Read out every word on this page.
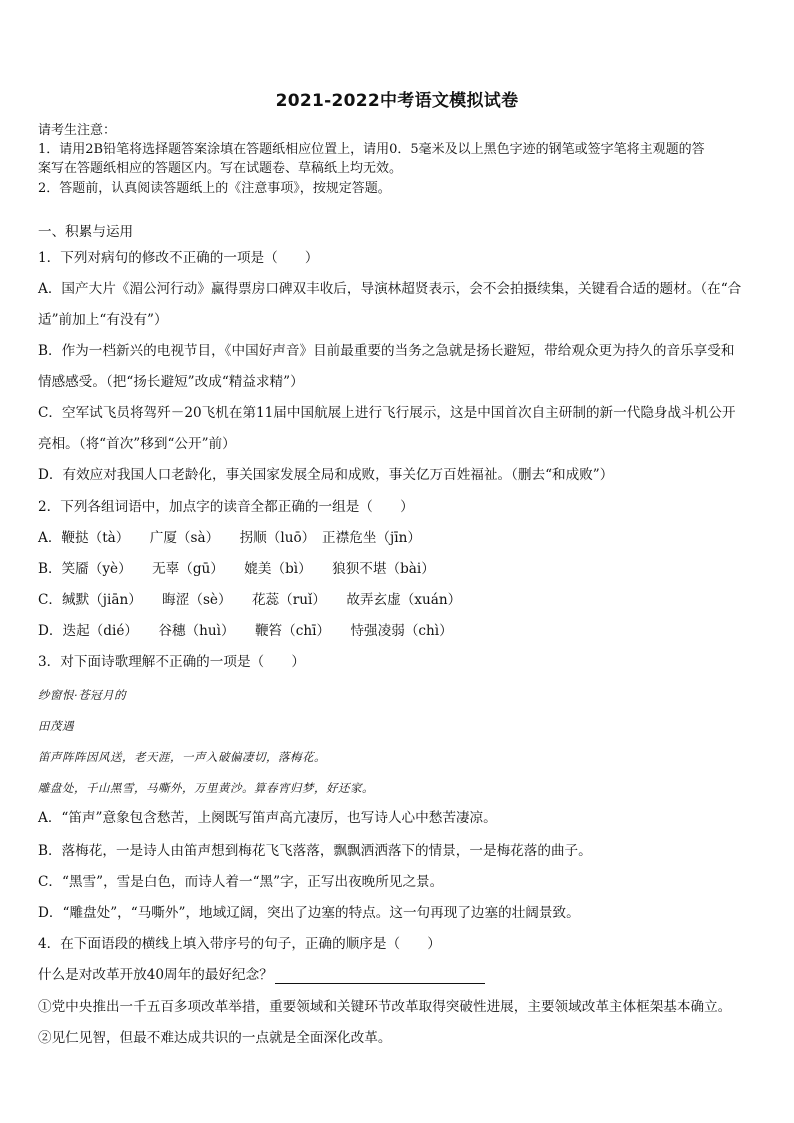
2021-2022中考语文模拟试卷
请考生注意：
1．请用2B铅笔将选择题答案涂填在答题纸相应位置上，请用0．5毫米及以上黑色字迹的钢笔或签字笔将主观题的答
案写在答题纸相应的答题区内。写在试题卷、草稿纸上均无效。
2．答题前，认真阅读答题纸上的《注意事项》，按规定答题。
一、积累与运用
1．下列对病句的修改不正确的一项是（　　）
A．国产大片《湄公河行动》赢得票房口碑双丰收后，导演林超贤表示，会不会拍摄续集，关键看合适的题材。（在“合
适”前加上“有没有”）
B．作为一档新兴的电视节目，《中国好声音》目前最重要的当务之急就是扬长避短，带给观众更为持久的音乐享受和
情感感受。（把“扬长避短”改成“精益求精”）
C．空军试飞员将驾歼－20飞机在第11届中国航展上进行飞行展示，这是中国首次自主研制的新一代隐身战斗机公开
亮相。（将“首次”移到“公开”前）
D．有效应对我国人口老龄化，事关国家发展全局和成败，事关亿万百姓福祉。（删去“和成败”）
2．下列各组词语中，加点字的读音全都正确的一组是（　　）
A．鞭挞（tà）　　广厦（sà）　　拐顺（luō）　正襟危坐（jīn）
B．笑靥（yè）　　无辜（gū）　　媲美（bì）　　狼狈不堪（bài）
C．缄默（jiān）　　晦涩（sè）　　花蕊（ruǐ）　　故弄玄虚（xuán）
D．迭起（dié）　　谷穗（huì）　　鞭笞（chī）　　恃强凌弱（chì）
3．对下面诗歌理解不正确的一项是（　　）
纱窗恨·苍冠月的
田茂遇
笛声阵阵因风送，老天涯，一声入破偏凄切，落梅花。
雕盘处，千山黑雪，马嘶外，万里黄沙。算春宵归梦，好还家。
A．“笛声”意象包含愁苦，上阕既写笛声高亢凄厉，也写诗人心中愁苦凄凉。
B．落梅花，一是诗人由笛声想到梅花飞飞落落，飘飘洒洒落下的情景，一是梅花落的曲子。
C．“黑雪”，雪是白色，而诗人着一“黑”字，正写出夜晚所见之景。
D．“雕盘处”，“马嘶外”，地域辽阔，突出了边塞的特点。这一句再现了边塞的壮阔景致。
4．在下面语段的横线上填入带序号的句子，正确的顺序是（　　）
什么是对改革开放40周年的最好纪念？
①党中央推出一千五百多项改革举措，重要领域和关键环节改革取得突破性进展，主要领域改革主体框架基本确立。
②见仁见智，但最不难达成共识的一点就是全面深化改革。
